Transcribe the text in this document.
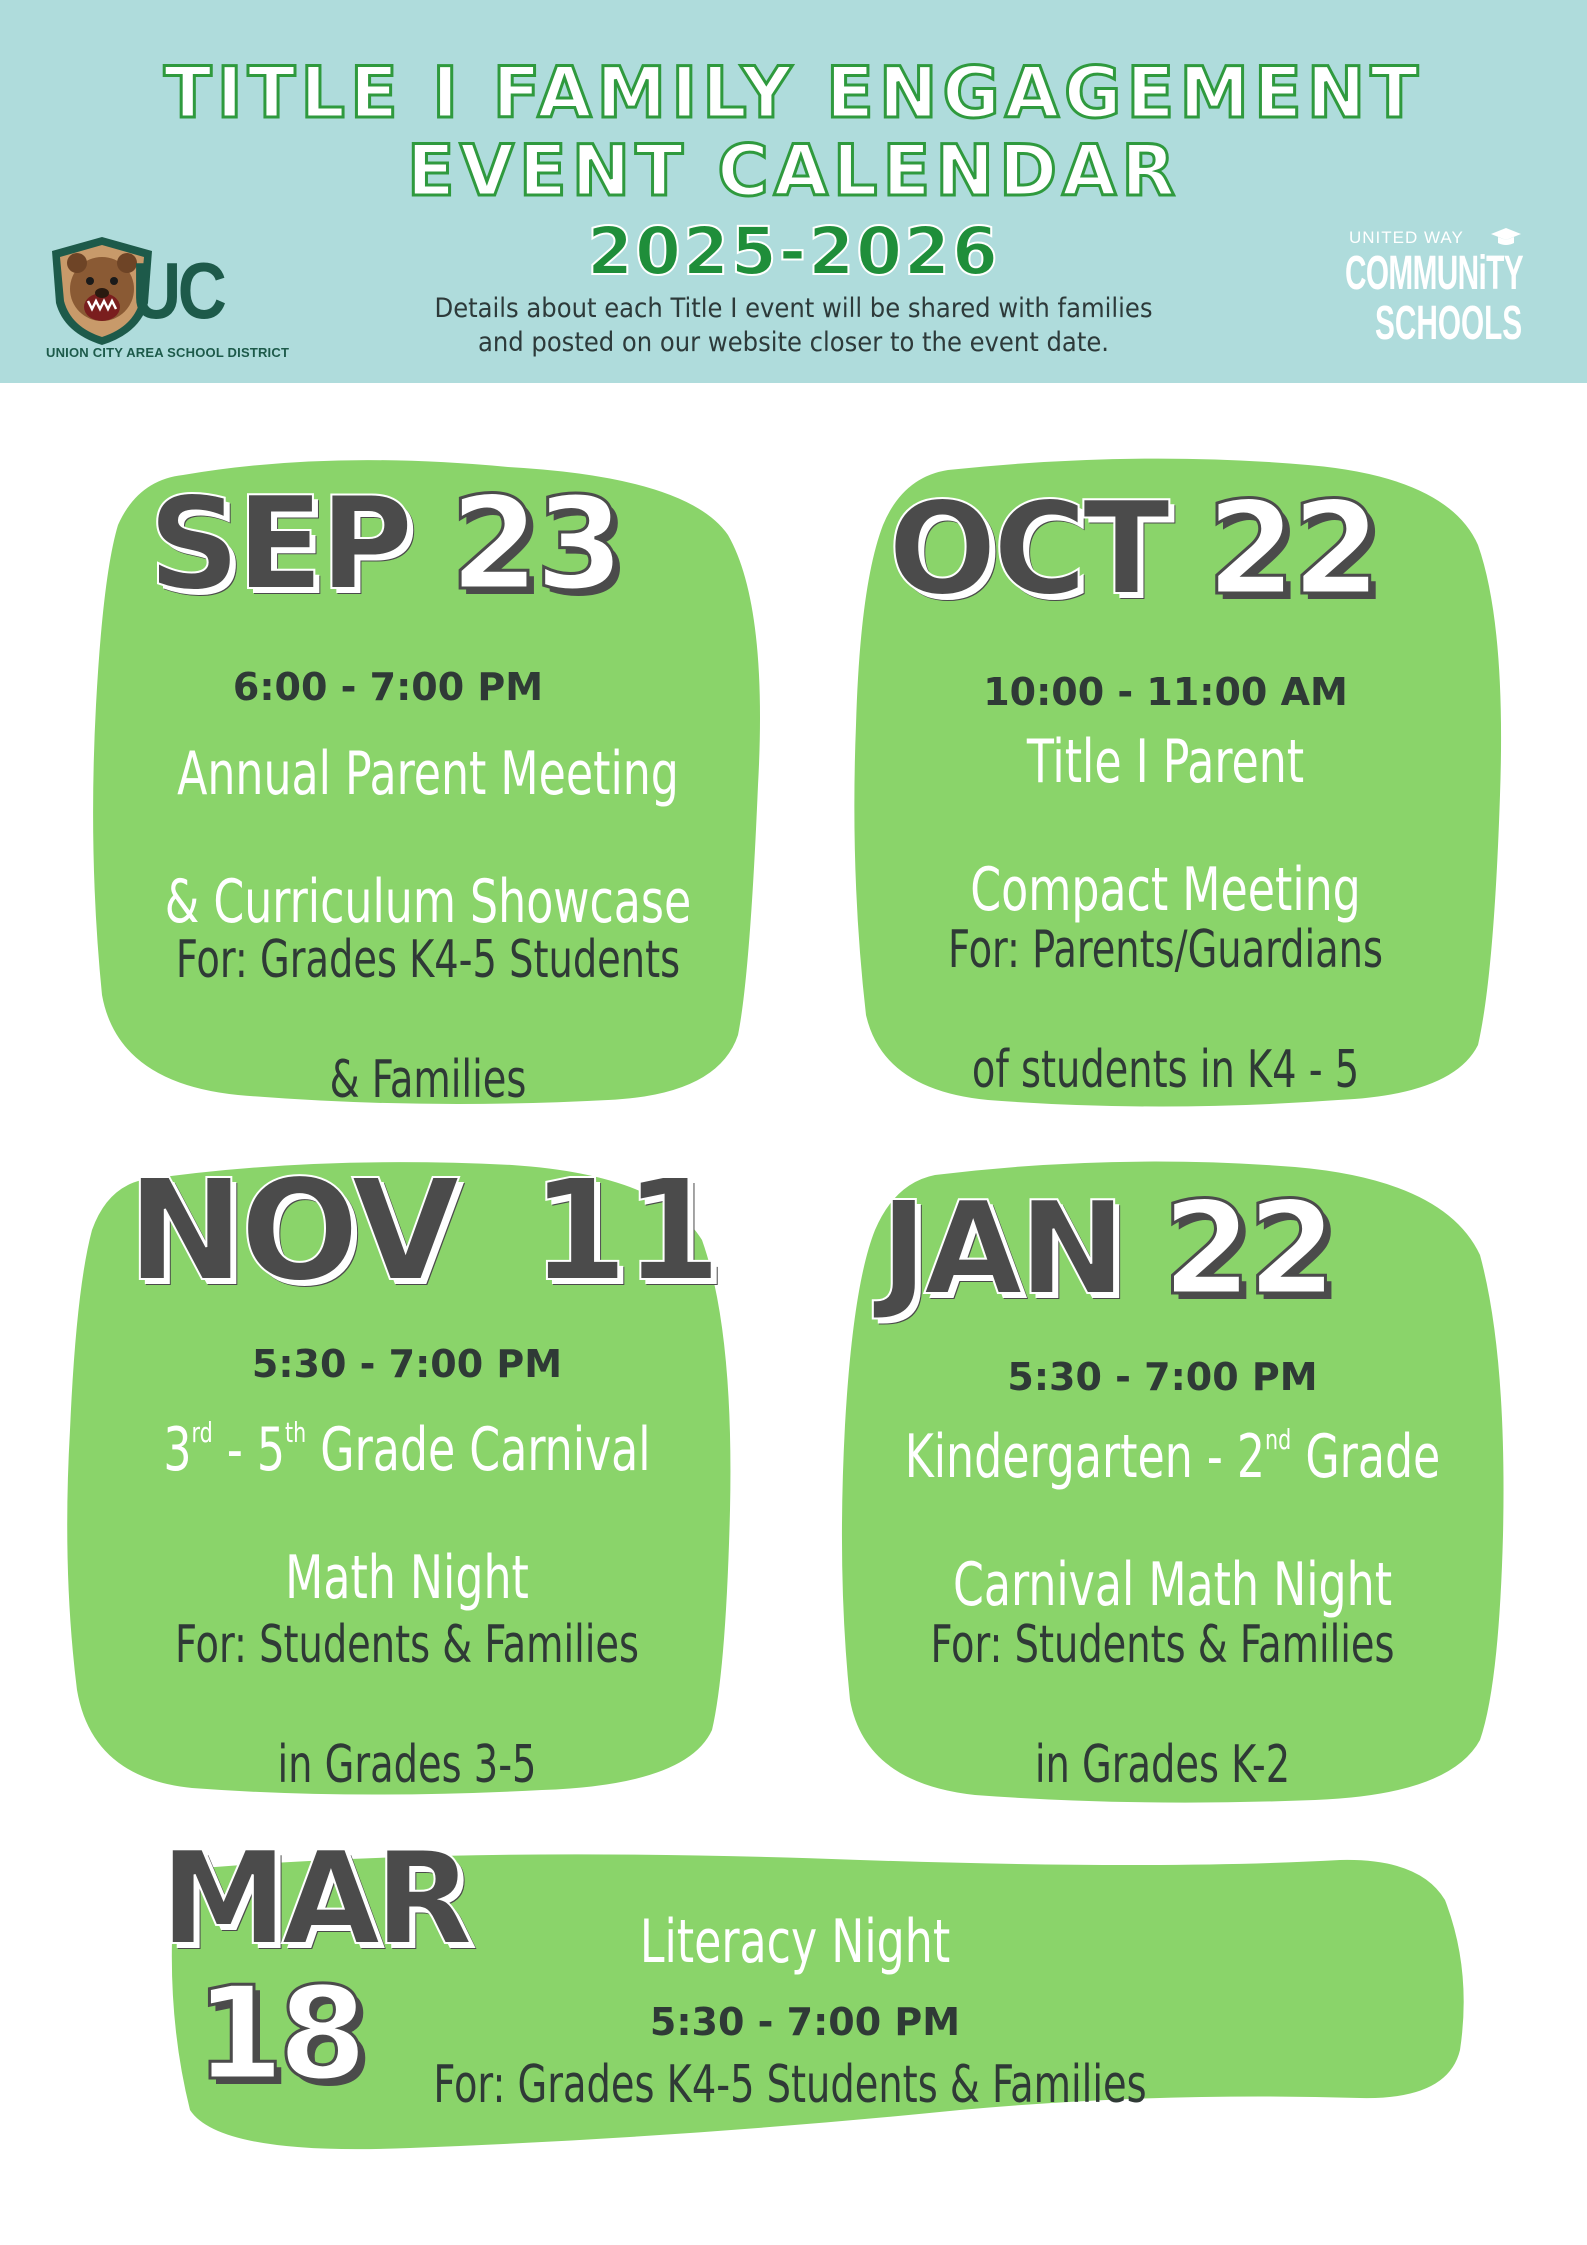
TITLE I FAMILY ENGAGEMENT
EVENT CALENDAR
2025-2026
Details about each Title I event will be shared with families
and posted on our website closer to the event date.
UC
UNION CITY AREA SCHOOL DISTRICT
UNITED WAY
COMMUNiTY
SCHOOLS
SEP 23
6:00 - 7:00 PM
Annual Parent Meeting

& Curriculum Showcase
For: Grades K4-5 Students

& Families
OCT 22
10:00 - 11:00 AM
Title I Parent

Compact Meeting
For: Parents/Guardians

of students in K4 - 5
NOV 11
5:30 - 7:00 PM
3rd - 5th Grade Carnival

Math Night
For: Students & Families

in Grades 3-5
JAN 22
5:30 - 7:00 PM
Kindergarten - 2nd Grade

Carnival Math Night
For: Students & Families

in Grades K-2
MAR
18
Literacy Night
5:30 - 7:00 PM
For: Grades K4-5 Students & Families
